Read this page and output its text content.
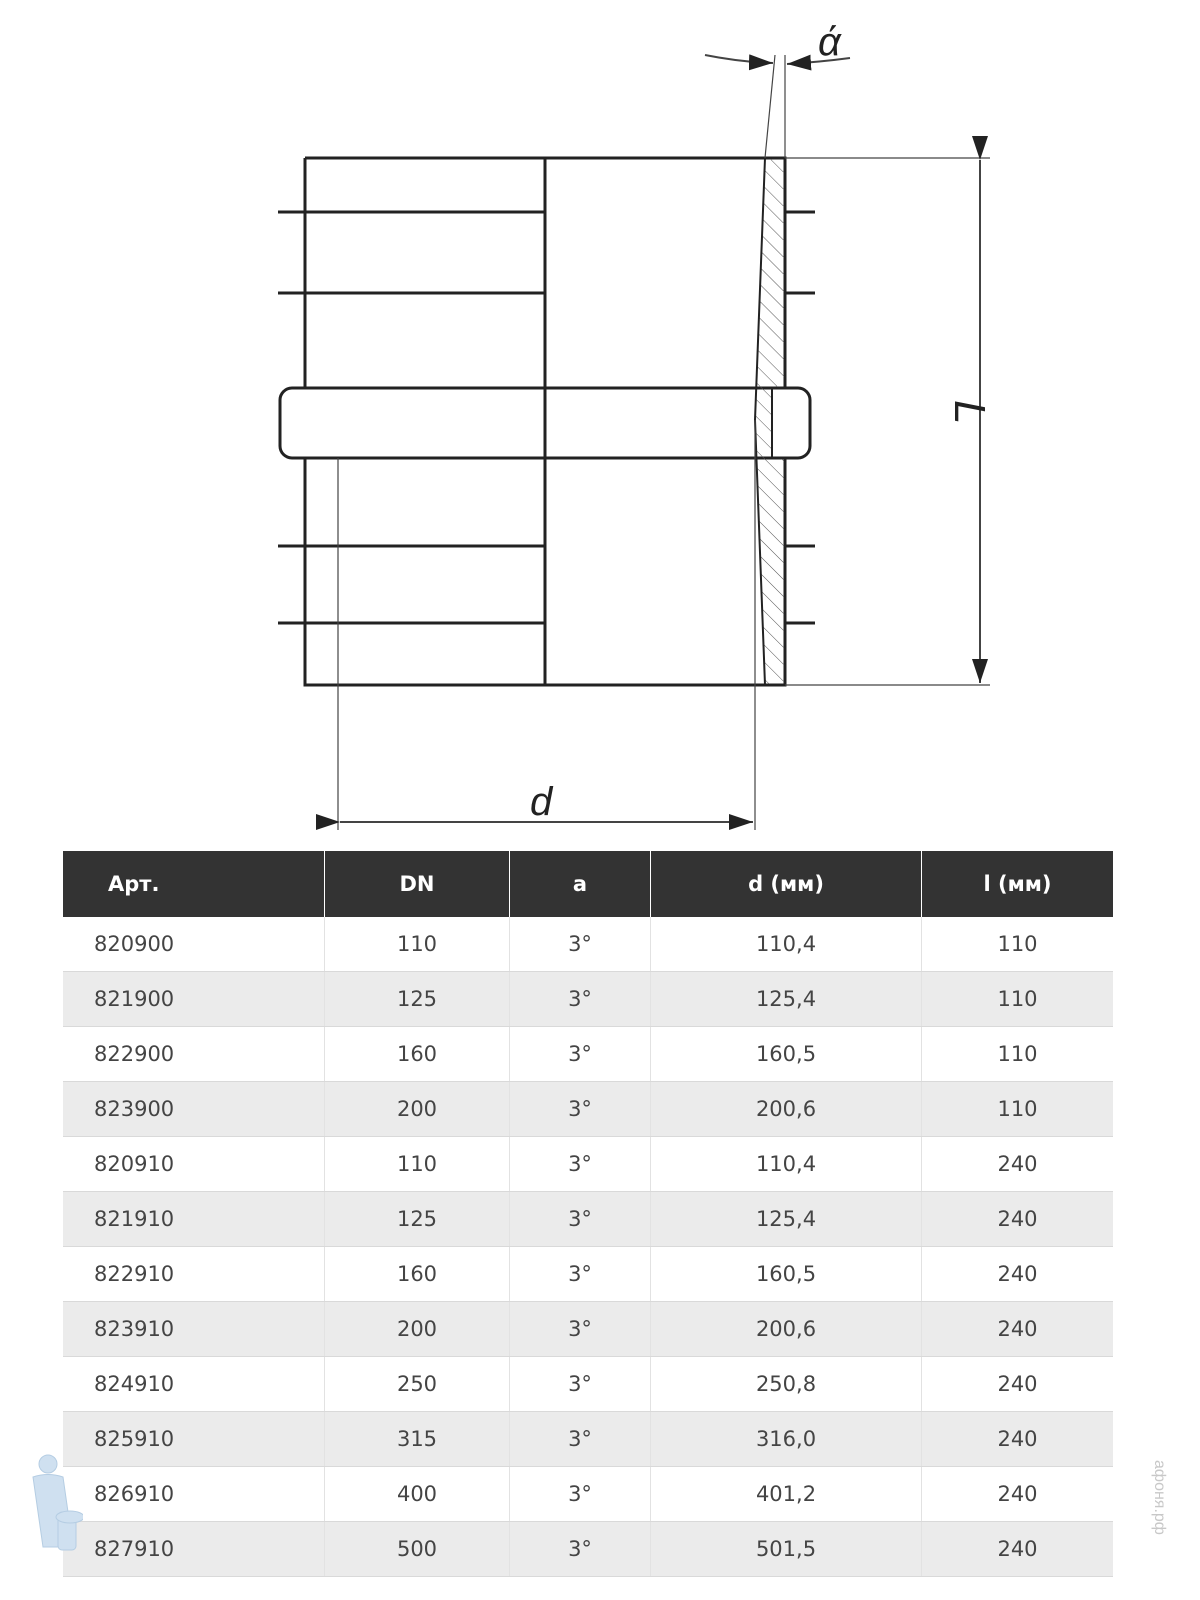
ά
L
d
Арт.	DN	a	d (мм)	l (мм)
820900	110	3°	110,4	110
821900	125	3°	125,4	110
822900	160	3°	160,5	110
823900	200	3°	200,6	110
820910	110	3°	110,4	240
821910	125	3°	125,4	240
822910	160	3°	160,5	240
823910	200	3°	200,6	240
824910	250	3°	250,8	240
825910	315	3°	316,0	240
826910	400	3°	401,2	240
827910	500	3°	501,5	240
афоня.рф
